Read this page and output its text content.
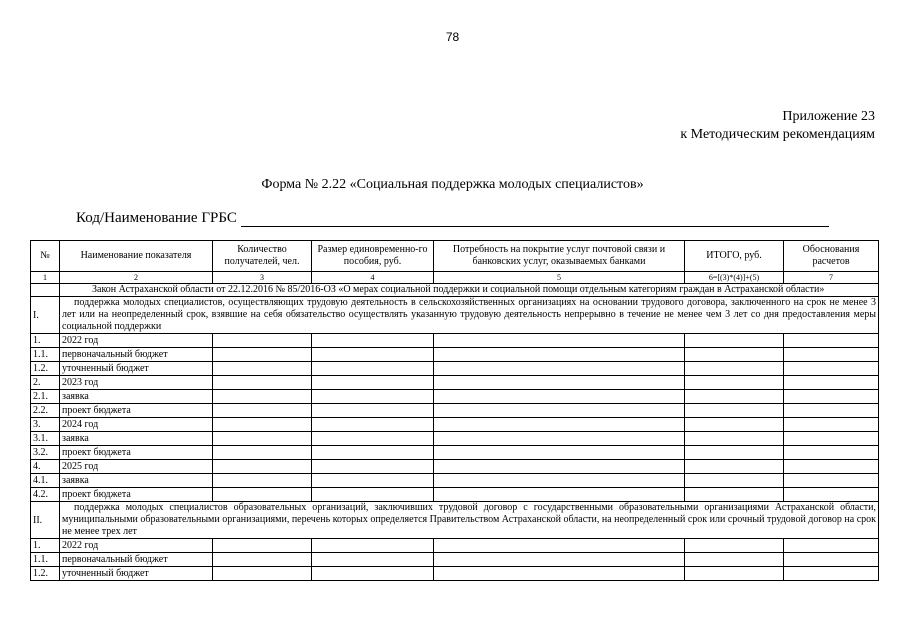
78
Приложение 23
к Методическим рекомендациям
Форма № 2.22 «Социальная поддержка молодых специалистов»
Код/Наименование ГРБС
№	Наименование показателя	Количество получателей, чел.	Размер единовременно-го пособия, руб.	Потребность на покрытие услуг почтовой связи и банковских услуг, оказываемых банками	ИТОГО, руб.	Обоснования расчетов
1	2	3	4	5	6=[(3)*(4)]+(5)	7
	Закон Астраханской области от 22.12.2016 № 85/2016-ОЗ «О мерах социальной поддержки и социальной помощи отдельным категориям граждан в Астраханской области»					
I.	поддержка молодых специалистов, осуществляющих трудовую деятельность в сельскохозяйственных организациях на основании трудового договора, заключенного на срок не менее 3 лет или на неопределенный срок, взявшие на себя обязательство осуществлять указанную трудовую деятельность непрерывно в течение не менее чем 3 лет со дня предоставления меры социальной поддержки					
1.	2022 год					
1.1.	первоначальный бюджет					
1.2.	уточненный бюджет					
2.	2023 год					
2.1.	заявка					
2.2.	проект бюджета					
3.	2024 год					
3.1.	заявка					
3.2.	проект бюджета					
4.	2025 год					
4.1.	заявка					
4.2.	проект бюджета					
II.	поддержка молодых специалистов образовательных организаций, заключивших трудовой договор с государственными образовательными организациями Астраханской области, муниципальными образовательными организациями, перечень которых определяется Правительством Астраханской области, на неопределенный срок или срочный трудовой договор на срок не менее трех лет					
1.	2022 год					
1.1.	первоначальный бюджет					
1.2.	уточненный бюджет					
